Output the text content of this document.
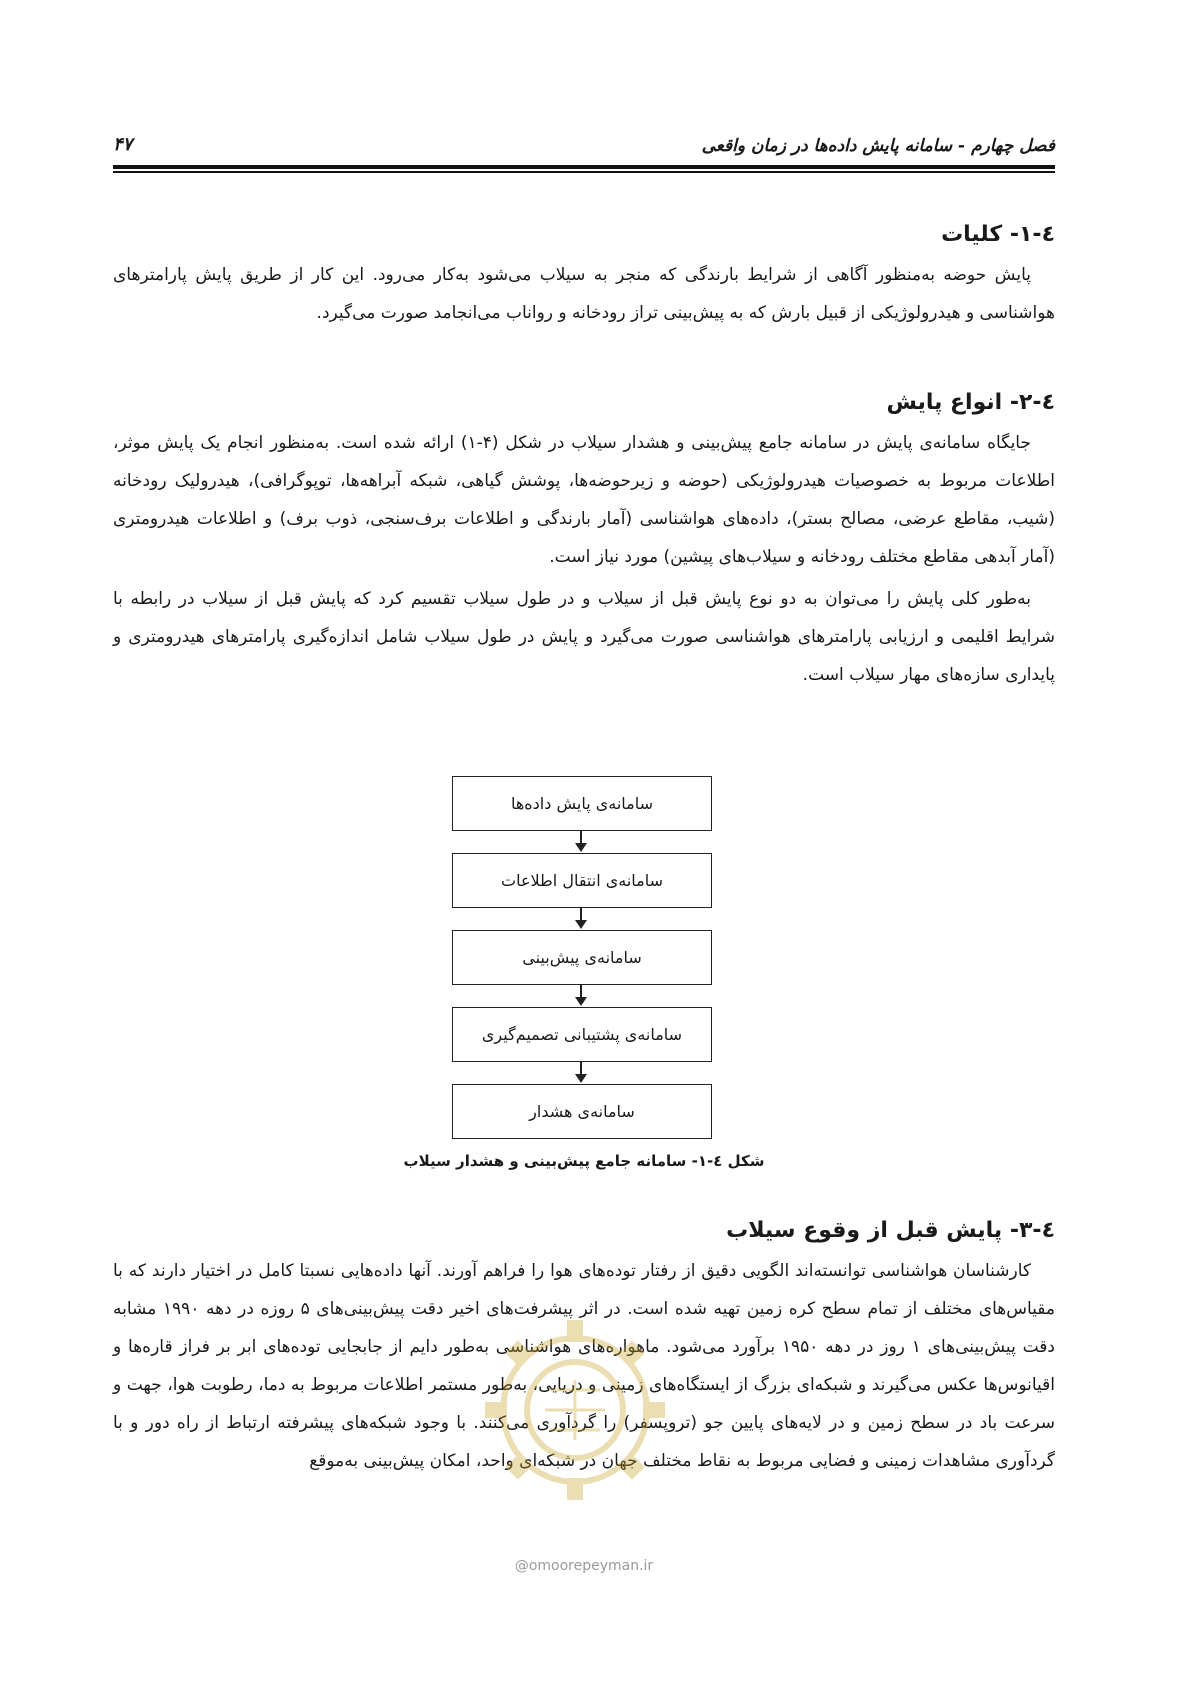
فصل چهارم - سامانه پایش داده‌ها در زمان واقعی
۴۷
٤-۱- کلیات
پایش حوضه به‌منظور آگاهی از شرایط بارندگی که منجر به سیلاب می‌شود به‌کار می‌رود. این کار از طریق پایش پارامترهای هواشناسی و هیدرولوژیکی از قبیل بارش که به پیش‌بینی تراز رودخانه و رواناب می‌انجامد صورت می‌گیرد.
٤-۲- انواع پایش
جایگاه سامانه‌ی پایش در سامانه جامع پیش‌بینی و هشدار سیلاب در شکل (۴-۱) ارائه شده است. به‌منظور انجام یک پایش موثر، اطلاعات مربوط به خصوصیات هیدرولوژیکی (حوضه و زیرحوضه‌ها، پوشش گیاهی، شبکه آبراهه‌ها، توپوگرافی)، هیدرولیک رودخانه (شیب، مقاطع عرضی، مصالح بستر)، داده‌های هواشناسی (آمار بارندگی و اطلاعات برف‌سنجی، ذوب برف) و اطلاعات هیدرومتری (آمار آبدهی مقاطع مختلف رودخانه و سیلاب‌های پیشین) مورد نیاز است.
به‌طور کلی پایش را می‌توان به دو نوع پایش قبل از سیلاب و در طول سیلاب تقسیم کرد که پایش قبل از سیلاب در رابطه با شرایط اقلیمی و ارزیابی پارامترهای هواشناسی صورت می‌گیرد و پایش در طول سیلاب شامل اندازه‌گیری پارامترهای هیدرومتری و پایداری سازه‌های مهار سیلاب است.
سامانه‌ی پایش داده‌ها
سامانه‌ی انتقال اطلاعات
سامانه‌ی پیش‌بینی
سامانه‌ی پشتیبانی تصمیم‌گیری
سامانه‌ی هشدار
شکل ٤-۱- سامانه جامع پیش‌بینی و هشدار سیلاب
٤-۳- پایش قبل از وقوع سیلاب
کارشناسان هواشناسی توانسته‌اند الگویی دقیق از رفتار توده‌های هوا را فراهم آورند. آنها داده‌هایی نسبتا کامل در اختیار دارند که با مقیاس‌های مختلف از تمام سطح کره زمین تهیه شده است. در اثر پیشرفت‌های اخیر دقت پیش‌بینی‌های ۵ روزه در دهه ۱۹۹۰ مشابه دقت پیش‌بینی‌های ۱ روز در دهه ۱۹۵۰ برآورد می‌شود. ماهواره‌های هواشناسی به‌طور دایم از جابجایی توده‌های ابر بر فراز قاره‌ها و اقیانوس‌ها عکس می‌گیرند و شبکه‌ای بزرگ از ایستگاه‌های زمینی و دریایی، به‌طور مستمر اطلاعات مربوط به دما، رطوبت هوا، جهت و سرعت باد در سطح زمین و در لایه‌های پایین جو (تروپسفر) را گردآوری می‌کنند. با وجود شبکه‌های پیشرفته ارتباط از راه دور و با گردآوری مشاهدات زمینی و فضایی مربوط به نقاط مختلف جهان در شبکه‌ای واحد، امکان پیش‌بینی به‌موقع
@omoorepeyman.ir
